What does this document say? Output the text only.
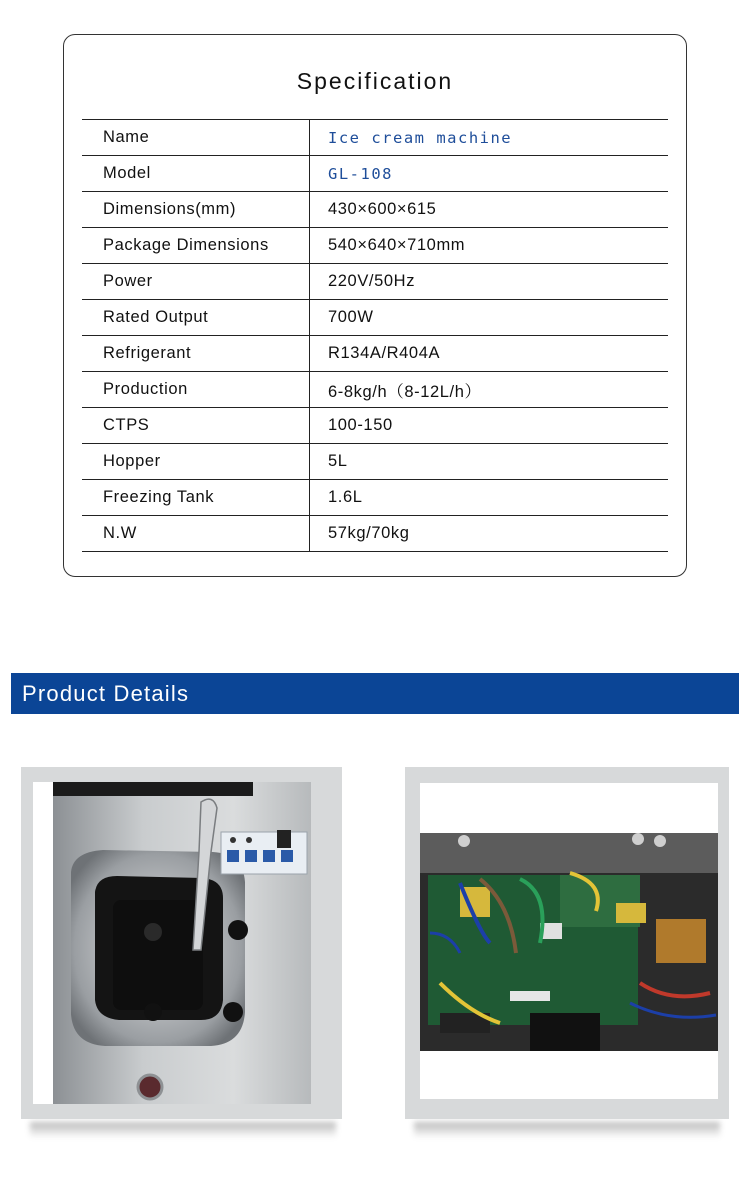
Specification
Name	Ice cream machine
Model	GL-108
Dimensions(mm)	430×600×615
Package Dimensions	540×640×710mm
Power	220V/50Hz
Rated Output	700W
Refrigerant	R134A/R404A
Production	6-8kg/h（8-12L/h）
CTPS	100-150
Hopper	5L
Freezing Tank	1.6L
N.W	57kg/70kg
Product Details
